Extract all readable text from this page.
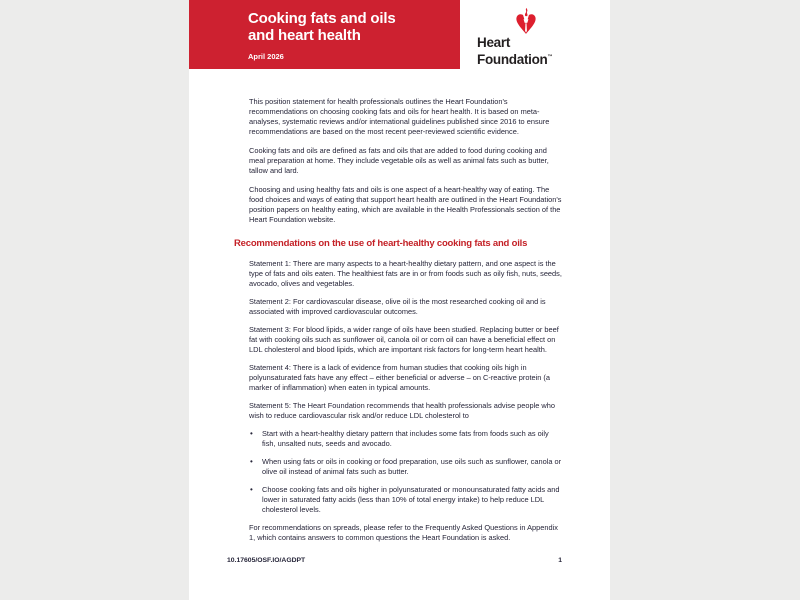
Cooking fats and oils
and heart health
April 2026
Heart
Foundation™

This position statement for health professionals outlines the Heart Foundation's recommendations on choosing cooking fats and oils for heart health. It is based on meta-analyses, systematic reviews and/or international guidelines published since 2016 to ensure recommendations are based on the most recent peer-reviewed scientific evidence.

Cooking fats and oils are defined as fats and oils that are added to food during cooking and meal preparation at home. They include vegetable oils as well as animal fats such as butter, tallow and lard.

Choosing and using healthy fats and oils is one aspect of a heart-healthy way of eating. The food choices and ways of eating that support heart health are outlined in the Heart Foundation's position papers on healthy eating, which are available in the Health Professionals section of the Heart Foundation website.

Recommendations on the use of heart-healthy cooking fats and oils

Statement 1: There are many aspects to a heart-healthy dietary pattern, and one aspect is the type of fats and oils eaten. The healthiest fats are in or from foods such as oily fish, nuts, seeds, avocado, olives and vegetables.

Statement 2: For cardiovascular disease, olive oil is the most researched cooking oil and is associated with improved cardiovascular outcomes.

Statement 3: For blood lipids, a wider range of oils have been studied. Replacing butter or beef fat with cooking oils such as sunflower oil, canola oil or corn oil can have a beneficial effect on LDL cholesterol and blood lipids, which are important risk factors for long-term heart health.

Statement 4: There is a lack of evidence from human studies that cooking oils high in polyunsaturated fats have any effect – either beneficial or adverse – on C-reactive protein (a marker of inflammation) when eaten in typical amounts.

Statement 5: The Heart Foundation recommends that health professionals advise people who wish to reduce cardiovascular risk and/or reduce LDL cholesterol to

• Start with a heart-healthy dietary pattern that includes some fats from foods such as oily fish, unsalted nuts, seeds and avocado.
• When using fats or oils in cooking or food preparation, use oils such as sunflower, canola or olive oil instead of animal fats such as butter.
• Choose cooking fats and oils higher in polyunsaturated or monounsaturated fatty acids and lower in saturated fatty acids (less than 10% of total energy intake) to help reduce LDL cholesterol levels.

For recommendations on spreads, please refer to the Frequently Asked Questions in Appendix 1, which contains answers to common questions the Heart Foundation is asked.

10.17605/OSF.IO/AGDPT	1
